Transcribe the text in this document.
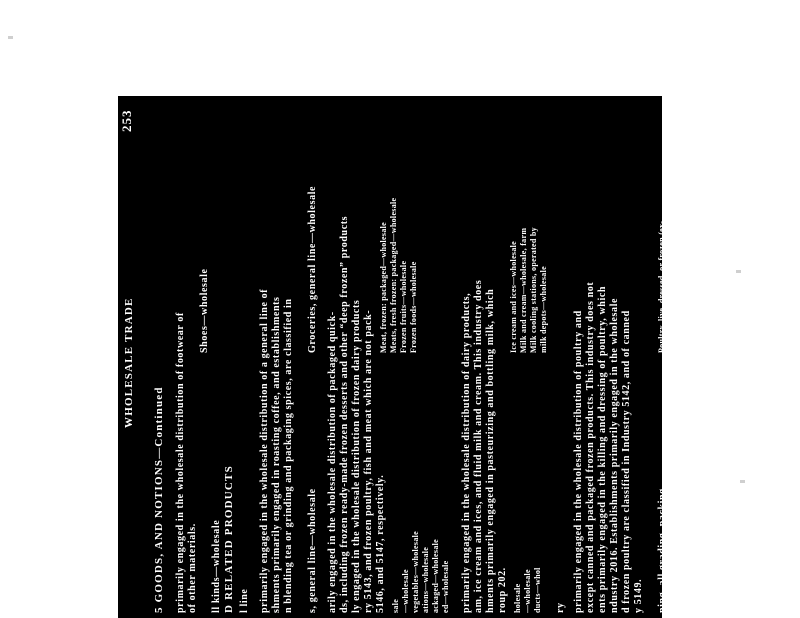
WHOLESALE TRADE
253
5 GOODS, AND NOTIONS—Continued primarily engaged in the wholesale distribution of footwear of of other materials.
Shoes—wholesale
ll kinds—wholesale D RELATED PRODUCTS l line primarily engaged in the wholesale distribution of a general line of shments primarily engaged in roasting coffee, and establishments n blending tea or grinding and packaging spices, are classified in s, general line—wholesale
Groceries, general line—wholesale
arily engaged in the wholesale distribution of packaged quick- ds, including frozen ready-made frozen desserts and other “deep frozen” products ly engaged in the wholesale distribution of frozen dairy products ry 5143, and frozen poultry, fish and meat which are not pack- 5146, and 5147, respectively.
Meat, frozen: packaged—wholesale Meats, fresh frozen: packaged—wholesale Frozen fruits—wholesale Frozen foods—wholesale
sale —wholesale vegetables—wholesale ations—wholesale ackaged—wholesale ed—wholesale primarily engaged in the wholesale distribution of dairy products, am, ice cream and ices, and fluid milk and cream. This industry does hments primarily engaged in pasteurizing and bottling milk, which roup 202.
Ice cream and ices—wholesale Milk and cream—wholesale, farm Milk cooling stations, operated by milk depots—wholesale
holesale —wholesale ducts—whol ry primarily engaged in the wholesale distribution of poultry and except canned and packaged frozen products. This industry does not ents primarily engaged in the killing and dressing of poultry, which ndustry 2016. Establishments primarily engaged in the wholesale d frozen poultry are classified in Industry 5142, and of canned y 5149. ning, all grading, packing,
Poultry, live, dressed, or frozen (ex-
